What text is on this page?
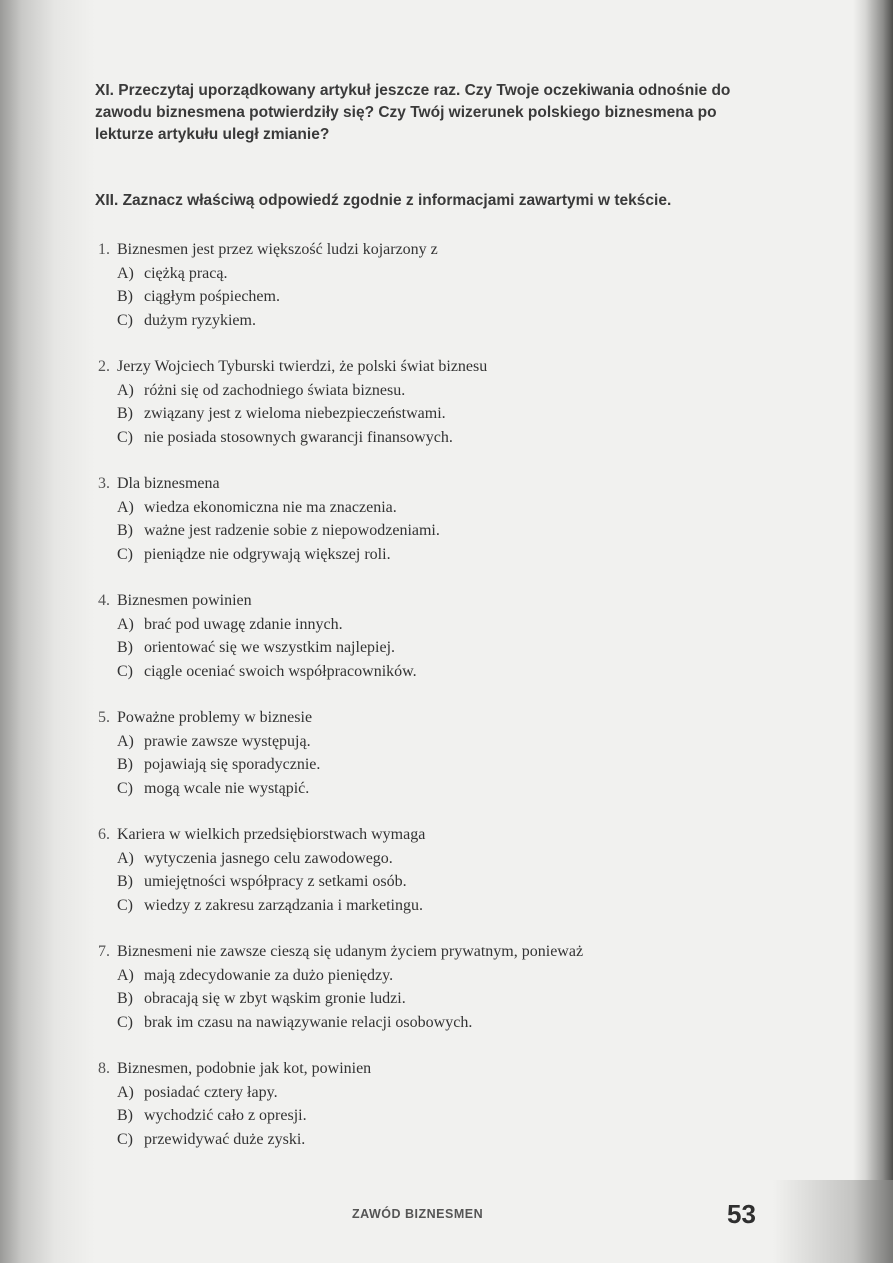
XI. Przeczytaj uporządkowany artykuł jeszcze raz. Czy Twoje oczekiwania odnośnie do zawodu biznesmena potwierdziły się? Czy Twój wizerunek polskiego biznesmena po lekturze artykułu uległ zmianie?
XII. Zaznacz właściwą odpowiedź zgodnie z informacjami zawartymi w tekście.
1. Biznesmen jest przez większość ludzi kojarzony z
A) ciężką pracą.
B) ciągłym pośpiechem.
C) dużym ryzykiem.
2. Jerzy Wojciech Tyburski twierdzi, że polski świat biznesu
A) różni się od zachodniego świata biznesu.
B) związany jest z wieloma niebezpieczeństwami.
C) nie posiada stosownych gwarancji finansowych.
3. Dla biznesmena
A) wiedza ekonomiczna nie ma znaczenia.
B) ważne jest radzenie sobie z niepowodzeniami.
C) pieniądze nie odgrywają większej roli.
4. Biznesmen powinien
A) brać pod uwagę zdanie innych.
B) orientować się we wszystkim najlepiej.
C) ciągle oceniać swoich współpracowników.
5. Poważne problemy w biznesie
A) prawie zawsze występują.
B) pojawiają się sporadycznie.
C) mogą wcale nie wystąpić.
6. Kariera w wielkich przedsiębiorstwach wymaga
A) wytyczenia jasnego celu zawodowego.
B) umiejętności współpracy z setkami osób.
C) wiedzy z zakresu zarządzania i marketingu.
7. Biznesmeni nie zawsze cieszą się udanym życiem prywatnym, ponieważ
A) mają zdecydowanie za dużo pieniędzy.
B) obracają się w zbyt wąskim gronie ludzi.
C) brak im czasu na nawiązywanie relacji osobowych.
8. Biznesmen, podobnie jak kot, powinien
A) posiadać cztery łapy.
B) wychodzić cało z opresji.
C) przewidywać duże zyski.
ZAWÓD BIZNESMEN	53
